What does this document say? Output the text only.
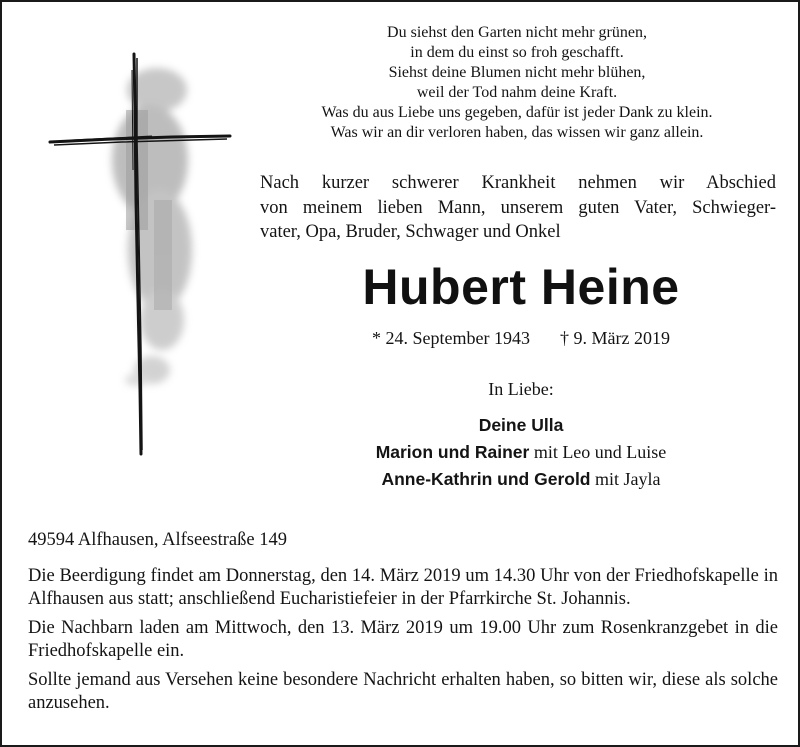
Du siehst den Garten nicht mehr grünen,
in dem du einst so froh geschafft.
Siehst deine Blumen nicht mehr blühen,
weil der Tod nahm deine Kraft.
Was du aus Liebe uns gegeben, dafür ist jeder Dank zu klein.
Was wir an dir verloren haben, das wissen wir ganz allein.
Nach kurzer schwerer Krankheit nehmen wir Abschied
von meinem lieben Mann, unserem guten Vater, Schwieger-
vater, Opa, Bruder, Schwager und Onkel
Hubert Heine
* 24. September 1943 † 9. März 2019
In Liebe:
Deine Ulla
Marion und Rainer mit Leo und Luise
Anne-Kathrin und Gerold mit Jayla
49594 Alfhausen, Alfseestraße 149

Die Beerdigung findet am Donnerstag, den 14. März 2019 um 14.30 Uhr von der Friedhofskapelle in Alfhausen aus statt; anschließend Eucharistiefeier in der Pfarrkirche St. Johannis.

Die Nachbarn laden am Mittwoch, den 13. März 2019 um 19.00 Uhr zum Rosenkranzgebet in die Friedhofskapelle ein.

Sollte jemand aus Versehen keine besondere Nachricht erhalten haben, so bitten wir, diese als solche anzusehen.
